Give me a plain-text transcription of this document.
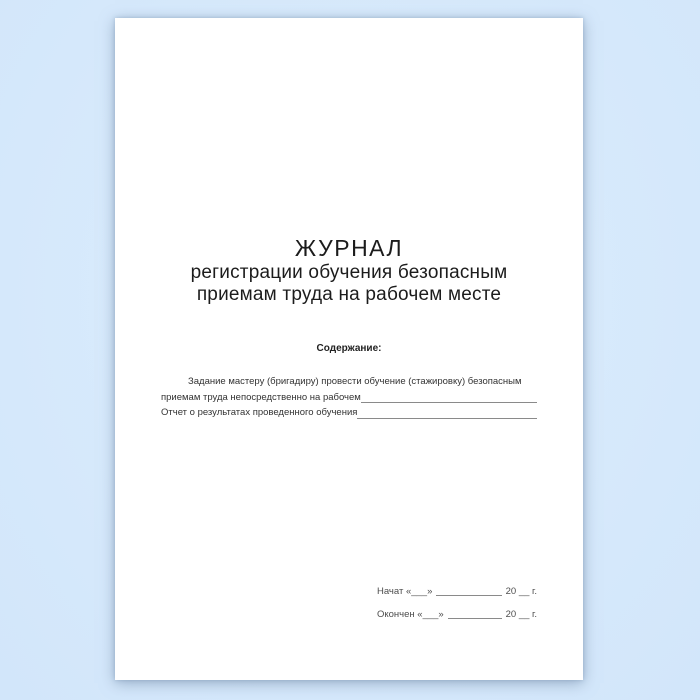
ЖУРНАЛ
регистрации обучения безопасным
приемам труда на рабочем месте
Содержание:
Задание мастеру (бригадиру) провести обучение (стажировку) безопасным
приемам труда непосредственно на рабочем
Отчет о результатах проведенного обучения
Начат «___»	20 __ г.
Окончен «___»	20 __ г.
